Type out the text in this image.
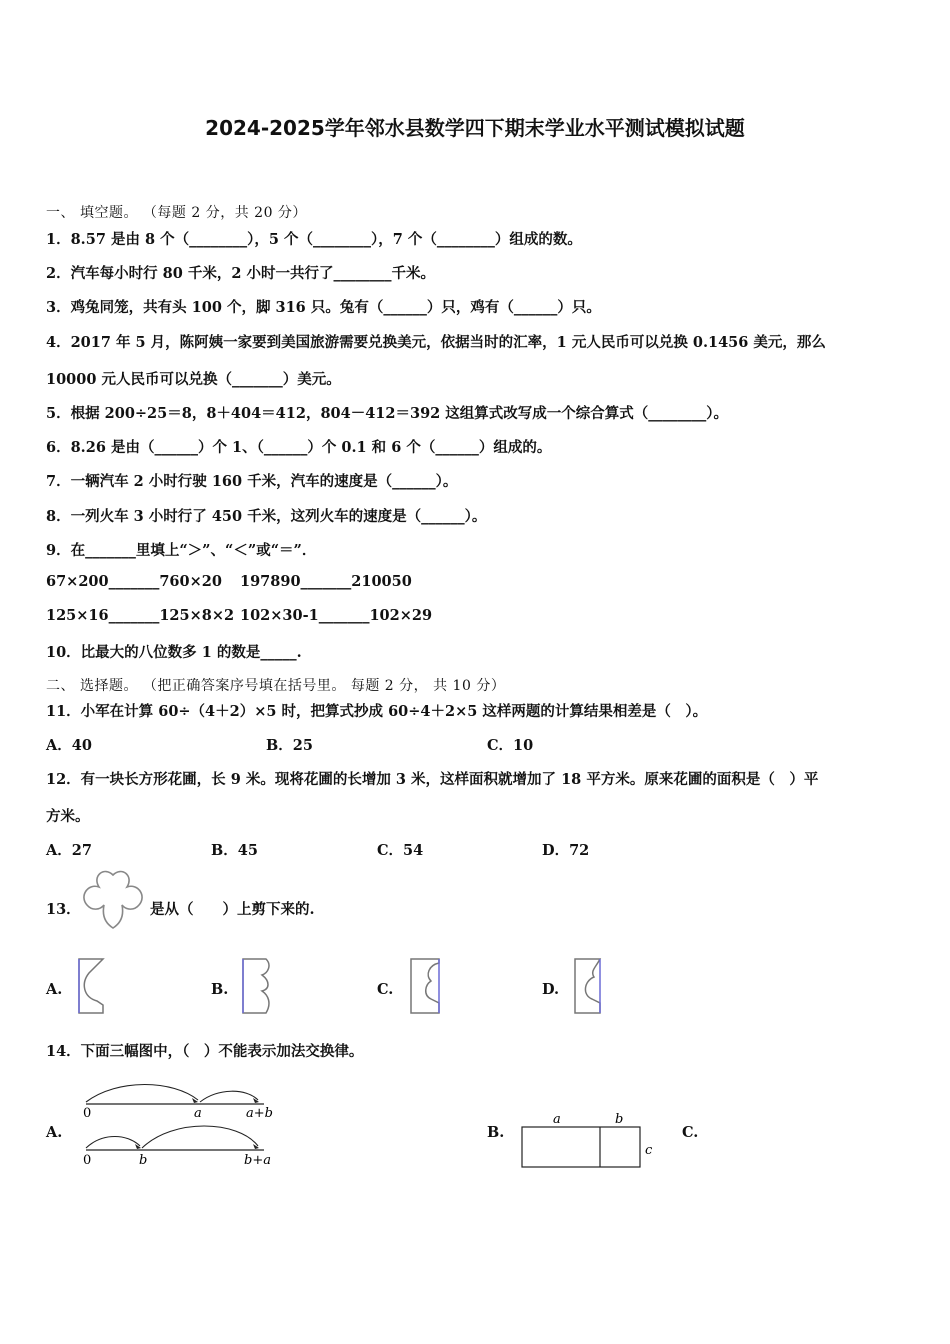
2024-2025学年邻水县数学四下期末学业水平测试模拟试题
一、 填空题。 （每题 2 分，共 20 分）
1．8.57 是由 8 个（________），5 个（________），7 个（________）组成的数。
2．汽车每小时行 80 千米，2 小时一共行了________千米。
3．鸡兔同笼，共有头 100 个，脚 316 只。兔有（______）只，鸡有（______）只。
4．2017 年 5 月，陈阿姨一家要到美国旅游需要兑换美元，依据当时的汇率，1 元人民币可以兑换 0.1456 美元，那么
10000 元人民币可以兑换（_______）美元。
5．根据 200÷25＝8，8＋404＝412，804－412＝392 这组算式改写成一个综合算式（________）。
6．8.26 是由（______）个 1、（______）个 0.1 和 6 个（______）组成的。
7．一辆汽车 2 小时行驶 160 千米，汽车的速度是（______）。
8．一列火车 3 小时行了 450 千米，这列火车的速度是（______）。
9．在_______里填上“＞”、“＜”或“＝”．
67×200_______760×20 197890_______210050
125×16_______125×8×2 102×30-1_______102×29
10．比最大的八位数多 1 的数是_____.
二、 选择题。 （把正确答案序号填在括号里。 每题 2 分， 共 10 分）
11．小军在计算 60÷（4＋2）×5 时，把算式抄成 60÷4＋2×5 这样两题的计算结果相差是（　）。
A．40	B．25	C．10
12．有一块长方形花圃，长 9 米。现将花圃的长增加 3 米，这样面积就增加了 18 平方米。原来花圃的面积是（　）平
方米。
A．27	B．45	C．54	D．72
13．	是从（　　）上剪下来的.
A.	B.	C.	D.
14．下面三幅图中，（　）不能表示加法交换律。
A.
0	a	a+b
0	b	b+a
B.
a	b
c
C.
